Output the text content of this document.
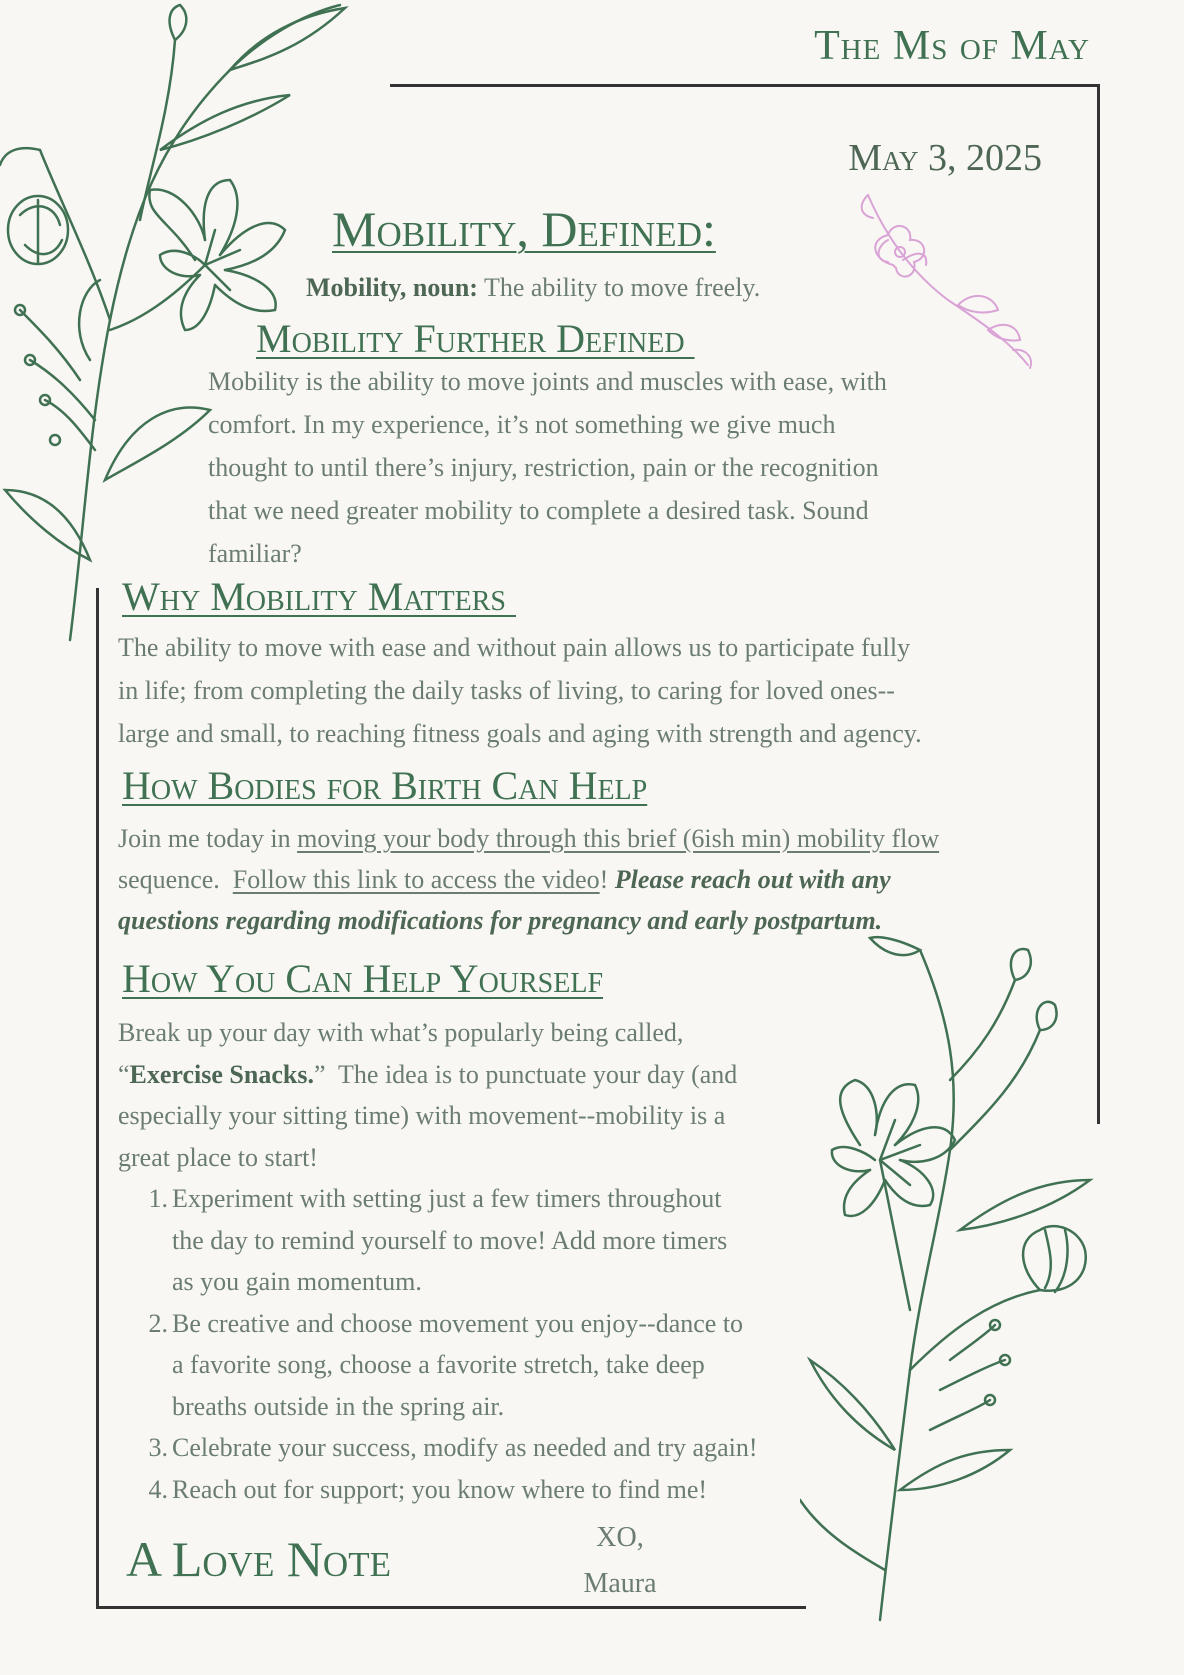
The Ms of May
May 3, 2025
Mobility, Defined:
Mobility, noun: The ability to move freely.
Mobility Further Defined
Mobility is the ability to move joints and muscles with ease, with
comfort. In my experience, it’s not something we give much
thought to until there’s injury, restriction, pain or the recognition
that we need greater mobility to complete a desired task. Sound
familiar?
Why Mobility Matters
The ability to move with ease and without pain allows us to participate fully
in life; from completing the daily tasks of living, to caring for loved ones--
large and small, to reaching fitness goals and aging with strength and agency.
How Bodies for Birth Can Help
Join me today in moving your body through this brief (6ish min) mobility flow
sequence.  Follow this link to access the video! Please reach out with any
questions regarding modifications for pregnancy and early postpartum.
How You Can Help Yourself
Break up your day with what’s popularly being called,
“Exercise Snacks.”  The idea is to punctuate your day (and
especially your sitting time) with movement--mobility is a
great place to start!
1. Experiment with setting just a few timers throughout
the day to remind yourself to move! Add more timers
as you gain momentum.
2. Be creative and choose movement you enjoy--dance to
a favorite song, choose a favorite stretch, take deep
breaths outside in the spring air.
3. Celebrate your success, modify as needed and try again!
4. Reach out for support; you know where to find me!
A Love Note	XO,
Maura
